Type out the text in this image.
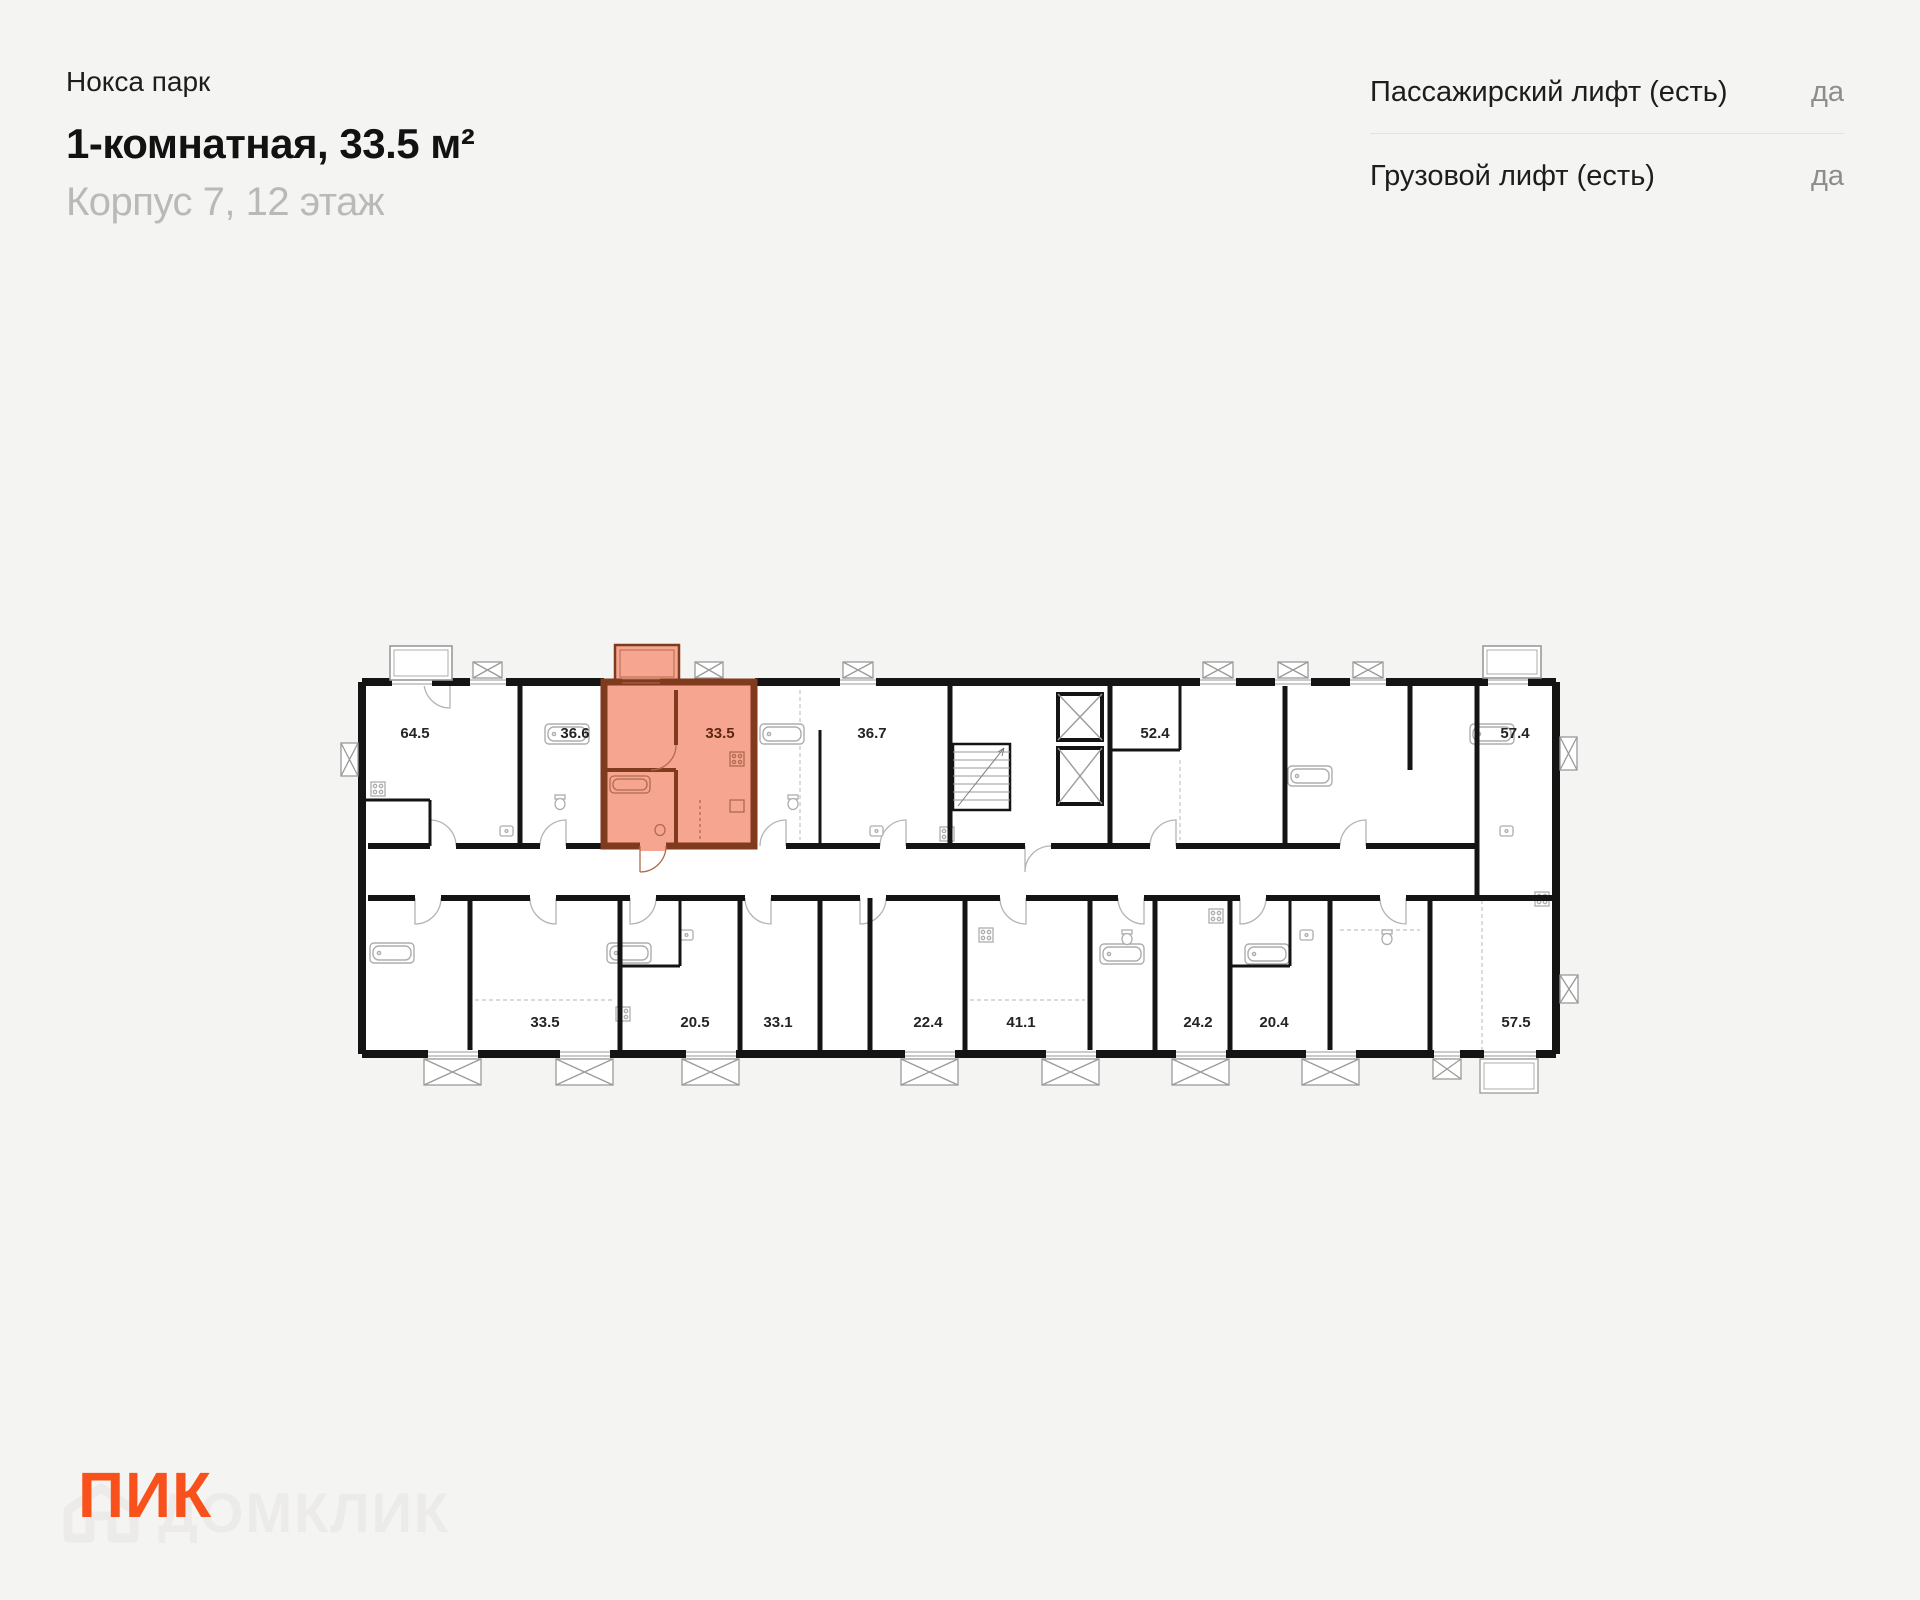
Нокса парк
1-комнатная, 33.5 м²
Корпус 7, 12 этаж
Пассажирский лифт (есть)	да
Грузовой лифт (есть)	да
64.5	36.6	33.5	36.7	52.4	57.4
33.5	20.5	33.1	22.4	41.1	24.2	20.4	57.5
ДОМКЛИК
ПИК
